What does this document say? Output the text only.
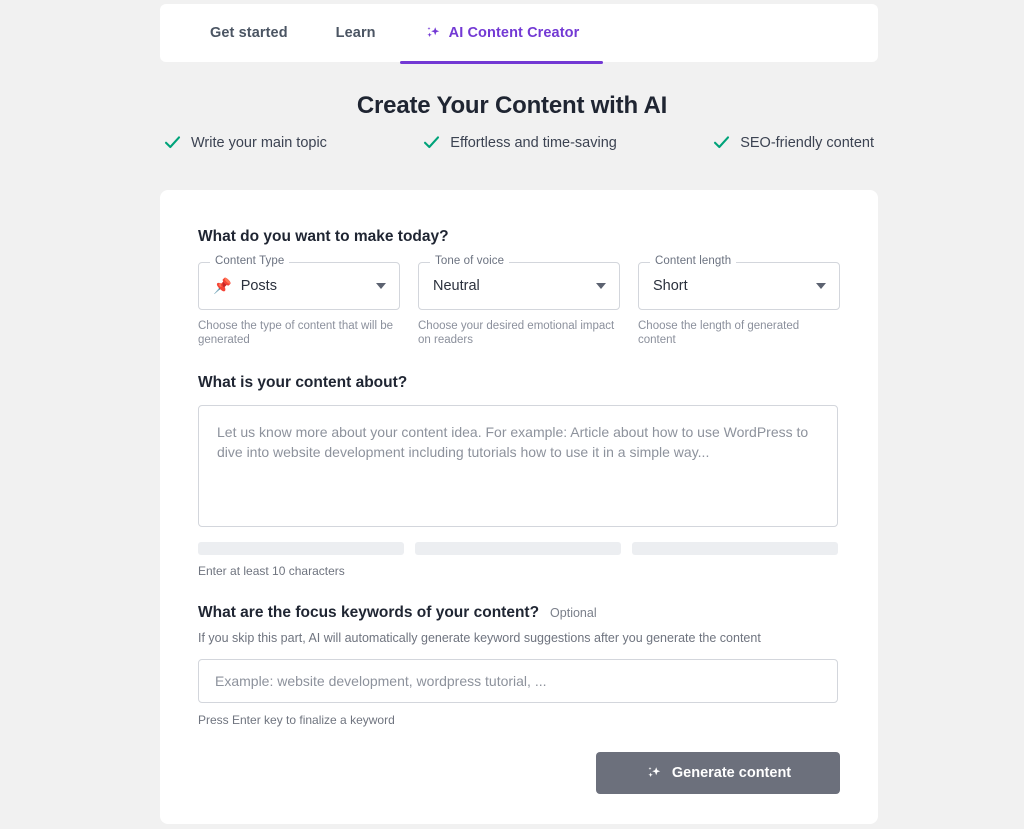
Get started	Learn	AI Content Creator
Create Your Content with AI
Write your main topic	Effortless and time-saving	SEO-friendly content
What do you want to make today?
Content Type
📌 Posts
Choose the type of content that will be generated
Tone of voice
Neutral
Choose your desired emotional impact on readers
Content length
Short
Choose the length of generated content
What is your content about?
Let us know more about your content idea. For example: Article about how to use WordPress to dive into website development including tutorials how to use it in a simple way...
Enter at least 10 characters
What are the focus keywords of your content? Optional
If you skip this part, AI will automatically generate keyword suggestions after you generate the content
Example: website development, wordpress tutorial, ...
Press Enter key to finalize a keyword
Generate content
